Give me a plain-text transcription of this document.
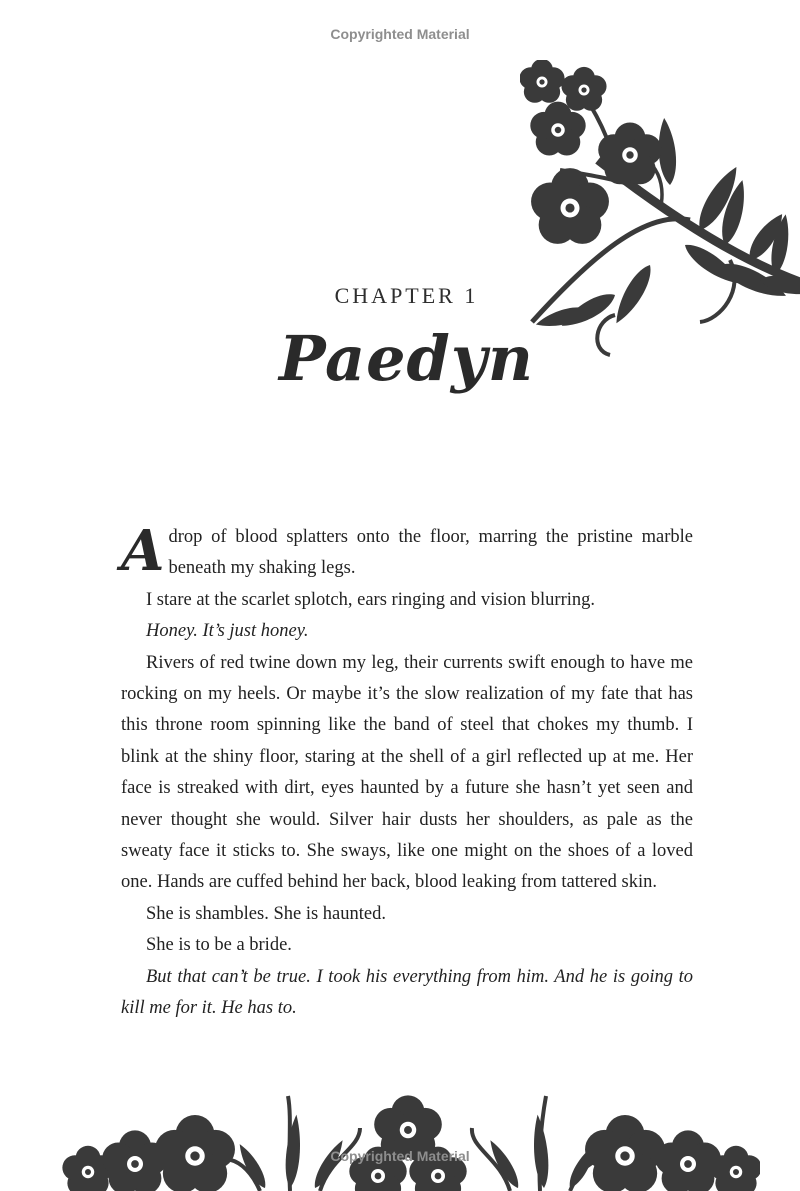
Copyrighted Material
CHAPTER 1
Paedyn

Adrop of blood splatters onto the floor, marring the pristine marble beneath my shaking legs.

I stare at the scarlet splotch, ears ringing and vision blurring.

Honey. It’s just honey.

Rivers of red twine down my leg, their currents swift enough to have me rocking on my heels. Or maybe it’s the slow realization of my fate that has this throne room spinning like the band of steel that chokes my thumb. I blink at the shiny floor, staring at the shell of a girl reflected up at me. Her face is streaked with dirt, eyes haunted by a future she hasn’t yet seen and never thought she would. Silver hair dusts her shoulders, as pale as the sweaty face it sticks to. She sways, like one might on the shoes of a loved one. Hands are cuffed behind her back, blood leaking from tattered skin.

She is shambles. She is haunted.

She is to be a bride.

But that can’t be true. I took his everything from him. And he is going to kill me for it. He has to.

Copyrighted Material
